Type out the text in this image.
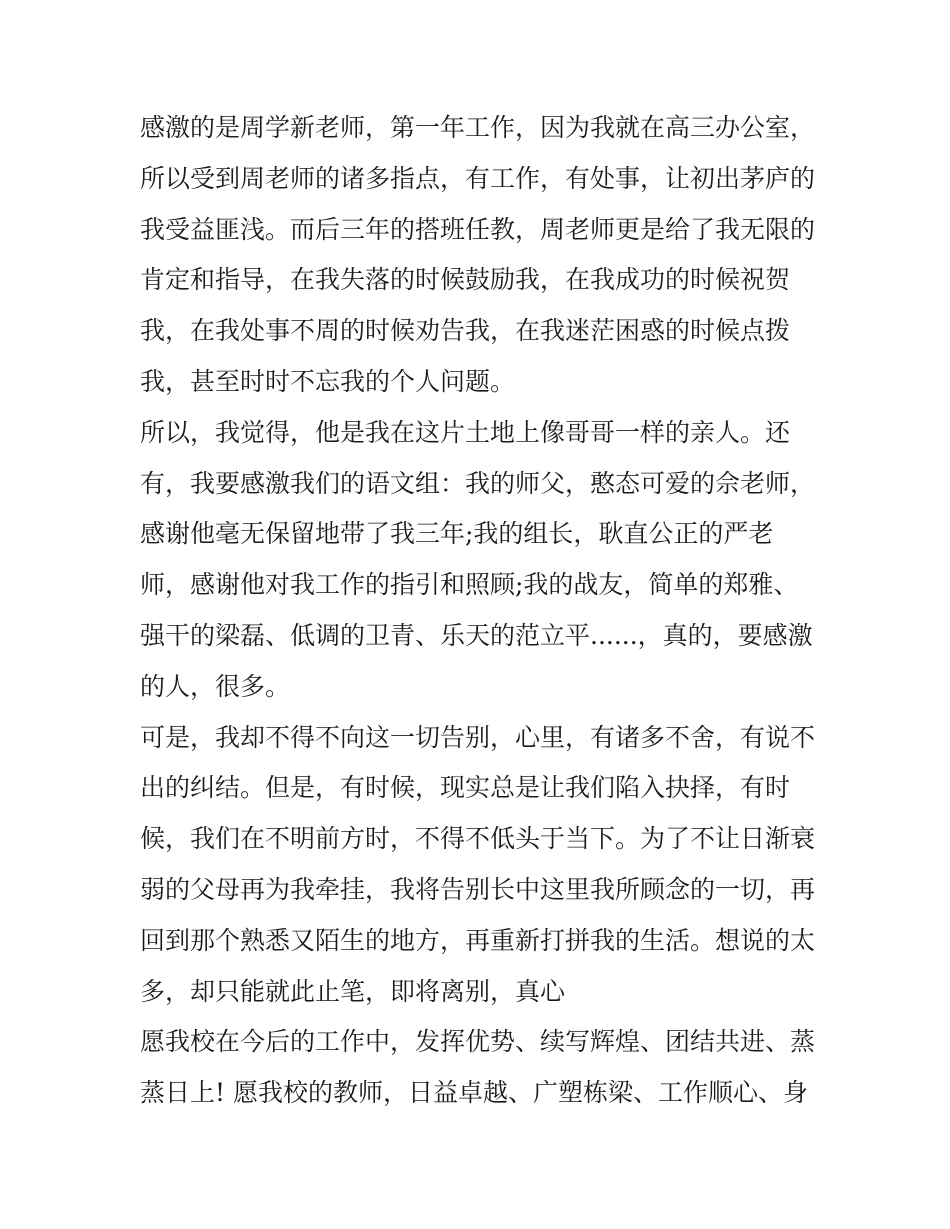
感激的是周学新老师，第一年工作，因为我就在高三办公室，
所以受到周老师的诸多指点，有工作，有处事，让初出茅庐的
我受益匪浅。而后三年的搭班任教，周老师更是给了我无限的
肯定和指导，在我失落的时候鼓励我，在我成功的时候祝贺
我，在我处事不周的时候劝告我，在我迷茫困惑的时候点拨
我，甚至时时不忘我的个人问题。
所以，我觉得，他是我在这片土地上像哥哥一样的亲人。还
有，我要感激我们的语文组：我的师父，憨态可爱的佘老师，
感谢他毫无保留地带了我三年;我的组长，耿直公正的严老
师，感谢他对我工作的指引和照顾;我的战友，简单的郑雅、
强干的梁磊、低调的卫青、乐天的范立平......，真的，要感激
的人，很多。
可是，我却不得不向这一切告别，心里，有诸多不舍，有说不
出的纠结。但是，有时候，现实总是让我们陷入抉择，有时
候，我们在不明前方时，不得不低头于当下。为了不让日渐衰
弱的父母再为我牵挂，我将告别长中这里我所顾念的一切，再
回到那个熟悉又陌生的地方，再重新打拼我的生活。想说的太
多，却只能就此止笔，即将离别，真心
愿我校在今后的工作中，发挥优势、续写辉煌、团结共进、蒸
蒸日上! 愿我校的教师，日益卓越、广塑栋梁、工作顺心、身
